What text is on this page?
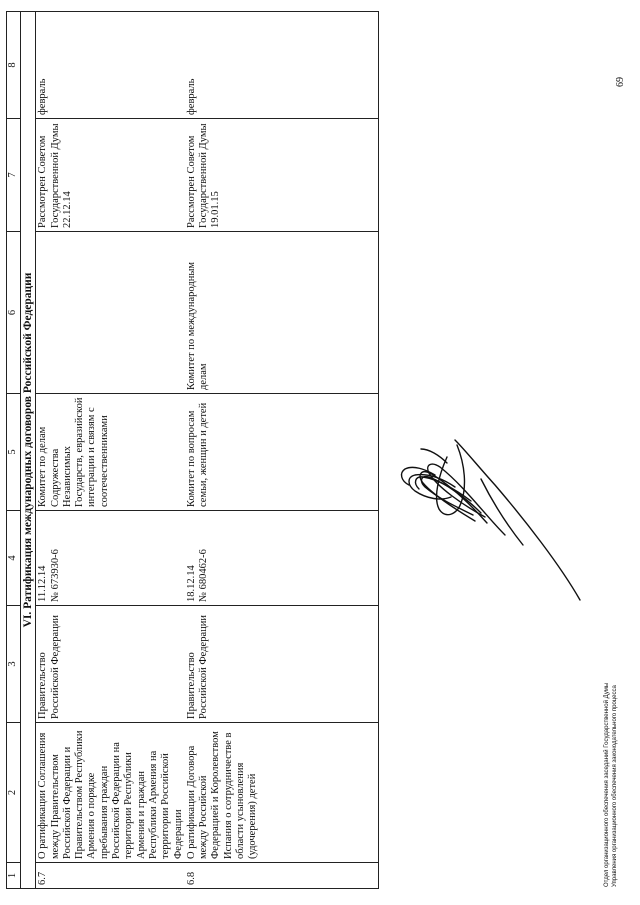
1	2	3	4	5	6	7	8
VI. Ратификация международных договоров Российской Федерации							
6.7	О ратификации Соглашения между Правительством Российской Федерации и Правительством Республики Армения о порядке пребывания граждан Российской Федерации на территории Республики Армения и граждан Республики Армения на территории Российской Федерации	Правительство Российской Федерации	11.12.14 № 673930-6	Комитет по делам Содружества Независимых Государств, евразийской интеграции и связям с соотечественниками		Рассмотрен Советом Государственной Думы 22.12.14	февраль
6.8	О ратификации Договора между Российской Федерацией и Королевством Испания о сотрудничестве в области усыновления (удочерения) детей	Правительство Российской Федерации	18.12.14 № 680462-6	Комитет по вопросам семьи, женщин и детей	Комитет по международным делам	Рассмотрен Советом Государственной Думы 19.01.15	февраль
Отдел организационного обеспечения заседаний Государственной Думы Управления организационного обеспечения законодательного процесса
69
